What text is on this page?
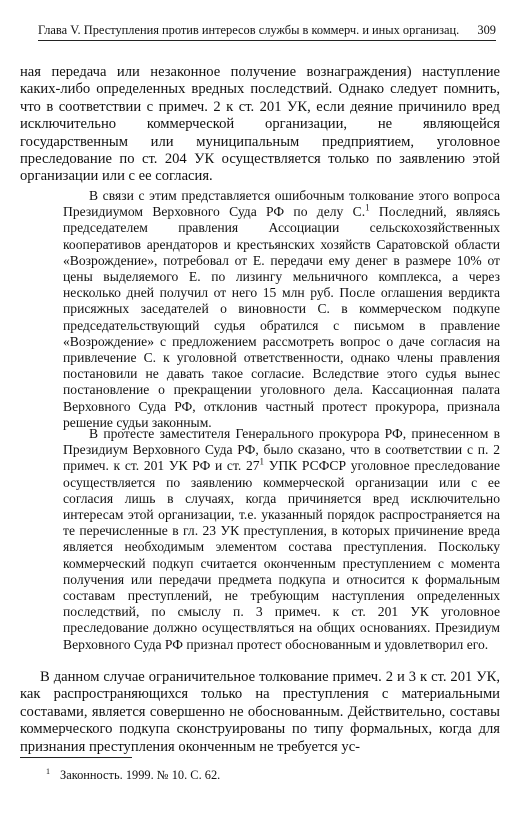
Глава V. Преступления против интересов службы в коммерч. и иных организац. 309

ная передача или незаконное получение вознаграждения) наступление каких-либо определенных вредных последствий. Однако следует помнить, что в соответствии с примеч. 2 к ст. 201 УК, если деяние причинило вред исключительно коммерческой организации, не являющейся государственным или муниципальным предприятием, уголовное преследование по ст. 204 УК осуществляется только по заявлению этой организации или с ее согласия.

В связи с этим представляется ошибочным толкование этого вопроса Президиумом Верховного Суда РФ по делу С.$^1$ Последний, являясь председателем правления Ассоциации сельскохозяйственных кооперативов арендаторов и крестьянских хозяйств Саратовской области «Возрождение», потребовал от Е. передачи ему денег в размере 10% от цены выделяемого Е. по лизингу мельничного комплекса, а через несколько дней получил от него 15 млн руб. После оглашения вердикта присяжных заседателей о виновности С. в коммерческом подкупе председательствующий судья обратился с письмом в правление «Возрождение» с предложением рассмотреть вопрос о даче согласия на привлечение С. к уголовной ответственности, однако члены правления постановили не давать такое согласие. Вследствие этого судья вынес постановление о прекращении уголовного дела. Кассационная палата Верховного Суда РФ, отклонив частный протест прокурора, признала решение судьи законным.

В протесте заместителя Генерального прокурора РФ, принесенном в Президиум Верховного Суда РФ, было сказано, что в соответствии с п. 2 примеч. к ст. 201 УК РФ и ст. $27^1$ УПК РСФСР уголовное преследование осуществляется по заявлению коммерческой организации или с ее согласия лишь в случаях, когда причиняется вред исключительно интересам этой организации, т.е. указанный порядок распространяется на те перечисленные в гл. 23 УК преступления, в которых причинение вреда является необходимым элементом состава преступления. Поскольку коммерческий подкуп считается оконченным преступлением с момента получения или передачи предмета подкупа и относится к формальным составам преступлений, не требующим наступления определенных последствий, по смыслу п. 3 примеч. к ст. 201 УК уголовное преследование должно осуществляться на общих основаниях. Президиум Верховного Суда РФ признал протест обоснованным и удовлетворил его.

В данном случае ограничительное толкование примеч. 2 и 3 к ст. 201 УК, как распространяющихся только на преступления с материальными составами, является совершенно не обоснованным. Действительно, составы коммерческого подкупа сконструированы по типу формальных, когда для признания преступления оконченным не требуется ус-

$^1$ Законность. 1999. № 10. С. 62.
